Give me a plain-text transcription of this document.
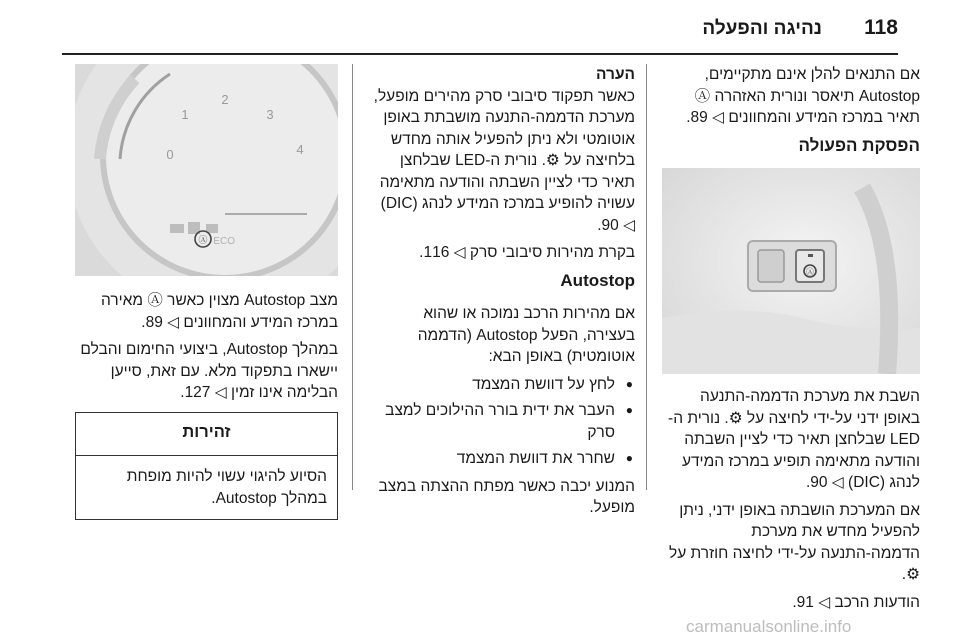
118
נהיגה והפעלה

אם התנאים להלן אינם מתקיימים, Autostop תיאסר ונורית האזהרה Ⓐ תאיר במרכז המידע והמחוונים ◁ 89.

הפסקת הפעולה
Ⓐ

השבת את מערכת הדממה-התנעה באופן ידני על-ידי לחיצה על ⚙. נורית ה-LED שבלחצן תאיר כדי לציין השבתה והודעה מתאימה תופיע במרכז המידע לנהג (DIC) ◁ 90.

אם המערכת הושבתה באופן ידני, ניתן להפעיל מחדש את מערכת הדממה-התנעה על-ידי לחיצה חוזרת על ⚙.

הודעות הרכב ◁ 91.

הערה

כאשר תפקוד סיבובי סרק מהירים מופעל, מערכת הדממה-התנעה מושבתת באופן אוטומטי ולא ניתן להפעיל אותה מחדש בלחיצה על ⚙. נורית ה-LED שבלחצן תאיר כדי לציין השבתה והודעה מתאימה עשויה להופיע במרכז המידע לנהג (DIC) ◁ 90.

בקרת מהירות סיבובי סרק ◁ 116.

Autostop

אם מהירות הרכב נמוכה או שהוא בעצירה, הפעל Autostop (הדממה אוטומטית) באופן הבא:

● לחץ על דוושת המצמד
● העבר את ידית בורר ההילוכים למצב סרק
● שחרר את דוושת המצמד

המנוע יכבה כאשר מפתח ההצתה במצב מופעל.

2
3
4
1
0
Ⓐ ECO

מצב Autostop מצוין כאשר Ⓐ מאירה במרכז המידע והמחוונים ◁ 89.

במהלך Autostop, ביצועי החימום והבלם יישארו בתפקוד מלא. עם זאת, סייען הבלימה אינו זמין ◁ 127.

זהירות
הסיוע להיגוי עשוי להיות מופחת במהלך Autostop.
carmanualsonline.info
